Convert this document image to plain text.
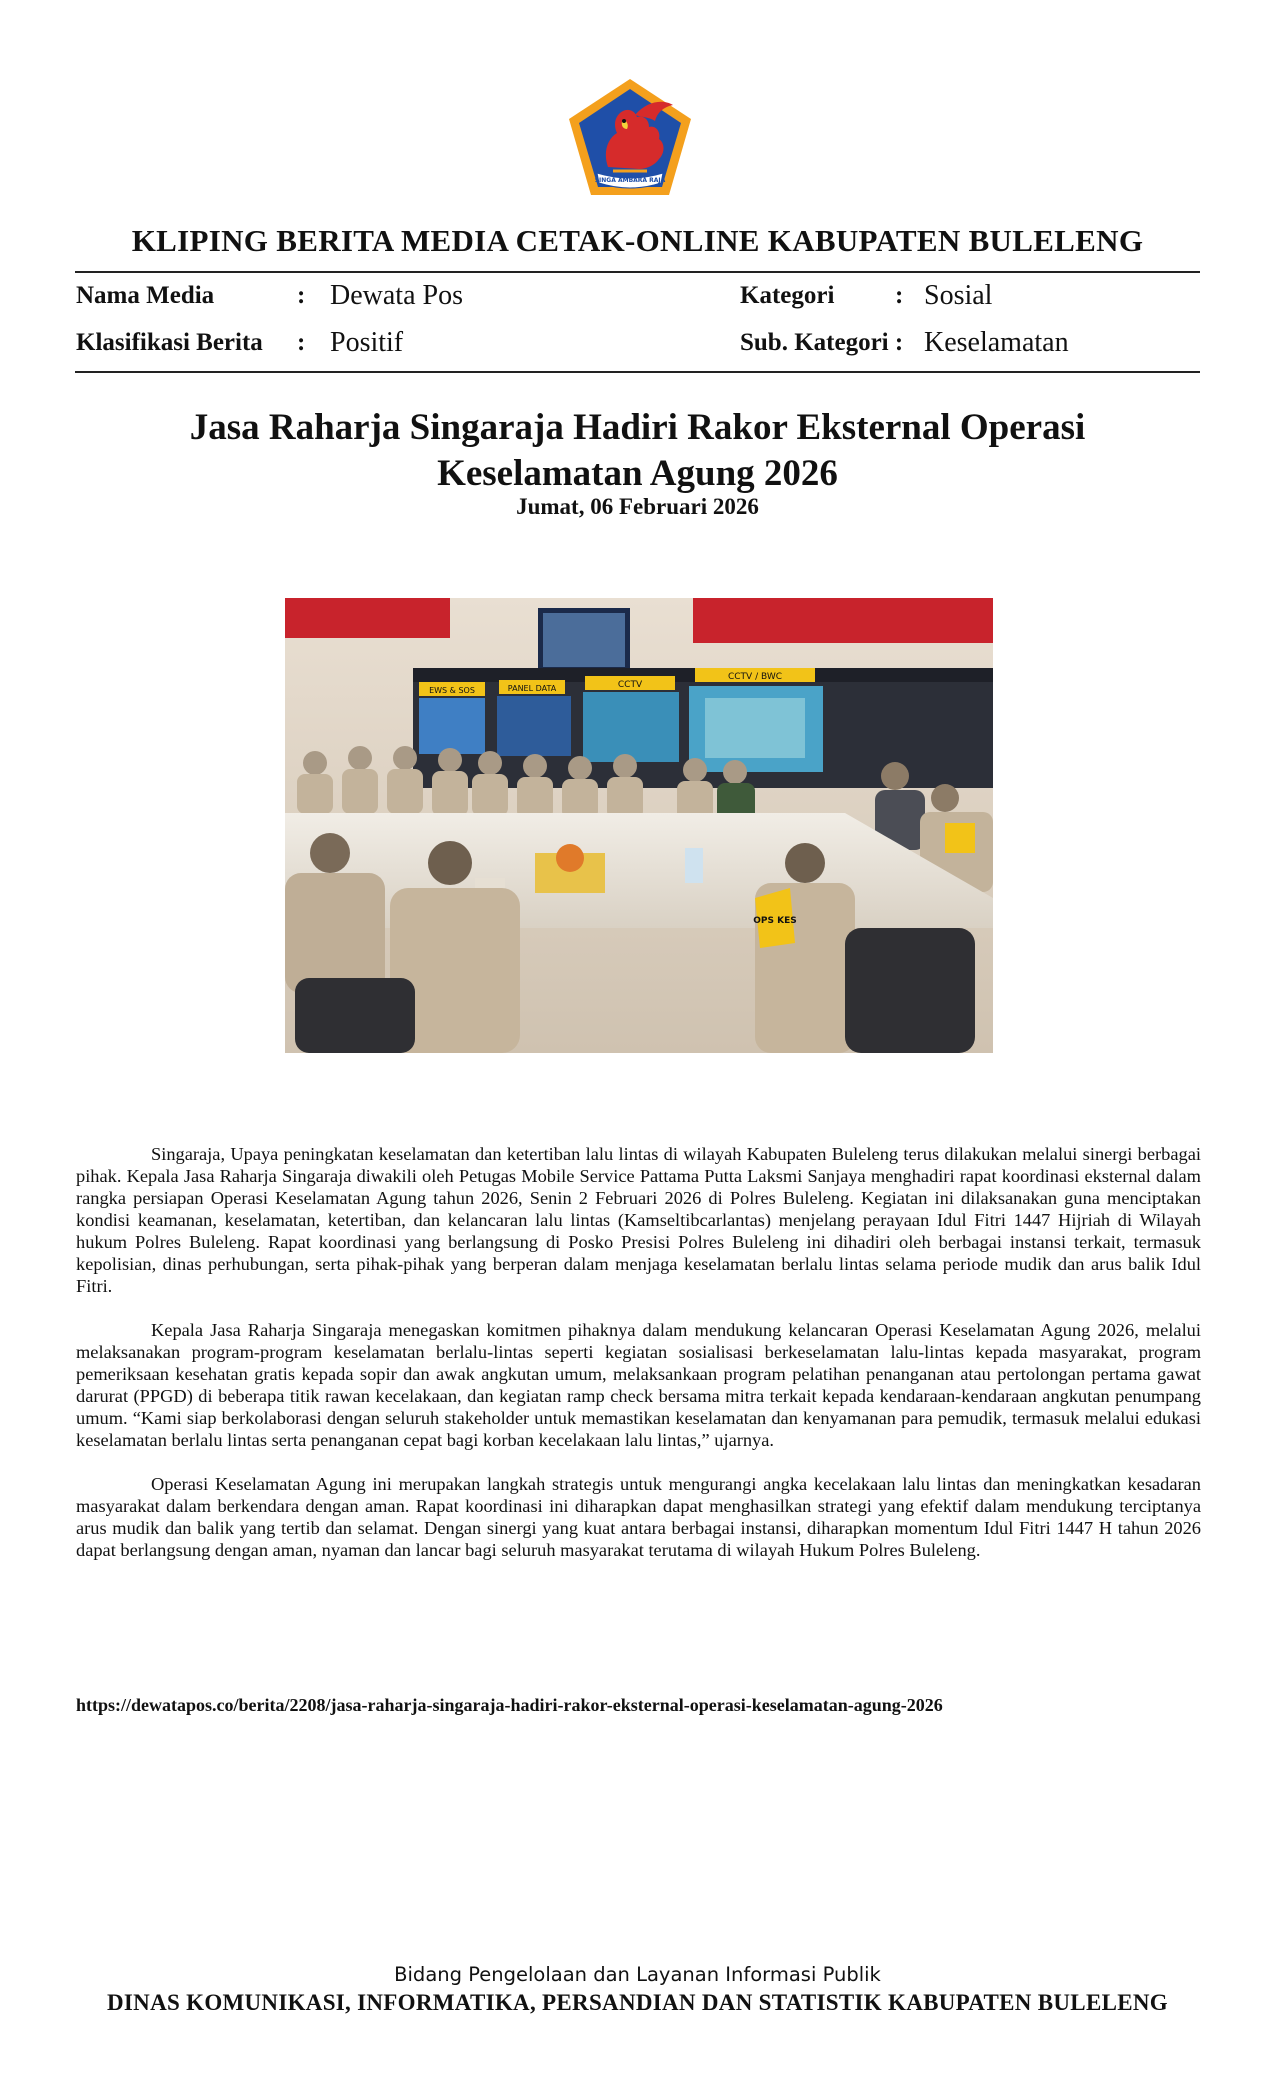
SINGA AMBARA RAJA
KLIPING BERITA MEDIA CETAK-ONLINE KABUPATEN BULELENG
Nama Media	: Dewata Pos	Kategori : Sosial
Klasifikasi Berita : Positif	Sub. Kategori : Keselamatan
Jasa Raharja Singaraja Hadiri Rakor Eksternal Operasi
Keselamatan Agung 2026
Jumat, 06 Februari 2026
EWS & SOS	PANEL DATA	CCTV
CCTV / BWC
OPS KES

Singaraja, Upaya peningkatan keselamatan dan ketertiban lalu lintas di wilayah Kabupaten Buleleng terus dilakukan melalui sinergi berbagai pihak. Kepala Jasa Raharja Singaraja diwakili oleh Petugas Mobile Service Pattama Putta Laksmi Sanjaya menghadiri rapat koordinasi eksternal dalam rangka persiapan Operasi Keselamatan Agung tahun 2026, Senin 2 Februari 2026 di Polres Buleleng. Kegiatan ini dilaksanakan guna menciptakan kondisi keamanan, keselamatan, ketertiban, dan kelancaran lalu lintas (Kamseltibcarlantas) menjelang perayaan Idul Fitri 1447 Hijriah di Wilayah hukum Polres Buleleng. Rapat koordinasi yang berlangsung di Posko Presisi Polres Buleleng ini dihadiri oleh berbagai instansi terkait, termasuk kepolisian, dinas perhubungan, serta pihak-pihak yang berperan dalam menjaga keselamatan berlalu lintas selama periode mudik dan arus balik Idul Fitri.

Kepala Jasa Raharja Singaraja menegaskan komitmen pihaknya dalam mendukung kelancaran Operasi Keselamatan Agung 2026, melalui melaksanakan program-program keselamatan berlalu-lintas seperti kegiatan sosialisasi berkeselamatan lalu-lintas kepada masyarakat, program pemeriksaan kesehatan gratis kepada sopir dan awak angkutan umum, melaksankaan program pelatihan penanganan atau pertolongan pertama gawat darurat (PPGD) di beberapa titik rawan kecelakaan, dan kegiatan ramp check bersama mitra terkait kepada kendaraan-kendaraan angkutan penumpang umum. “Kami siap berkolaborasi dengan seluruh stakeholder untuk memastikan keselamatan dan kenyamanan para pemudik, termasuk melalui edukasi keselamatan berlalu lintas serta penanganan cepat bagi korban kecelakaan lalu lintas,” ujarnya.

Operasi Keselamatan Agung ini merupakan langkah strategis untuk mengurangi angka kecelakaan lalu lintas dan meningkatkan kesadaran masyarakat dalam berkendara dengan aman. Rapat koordinasi ini diharapkan dapat menghasilkan strategi yang efektif dalam mendukung terciptanya arus mudik dan balik yang tertib dan selamat. Dengan sinergi yang kuat antara berbagai instansi, diharapkan momentum Idul Fitri 1447 H tahun 2026 dapat berlangsung dengan aman, nyaman dan lancar bagi seluruh masyarakat terutama di wilayah Hukum Polres Buleleng.

https://dewatapos.co/berita/2208/jasa-raharja-singaraja-hadiri-rakor-eksternal-operasi-keselamatan-agung-2026
Bidang Pengelolaan dan Layanan Informasi Publik
DINAS KOMUNIKASI, INFORMATIKA, PERSANDIAN DAN STATISTIK KABUPATEN BULELENG
